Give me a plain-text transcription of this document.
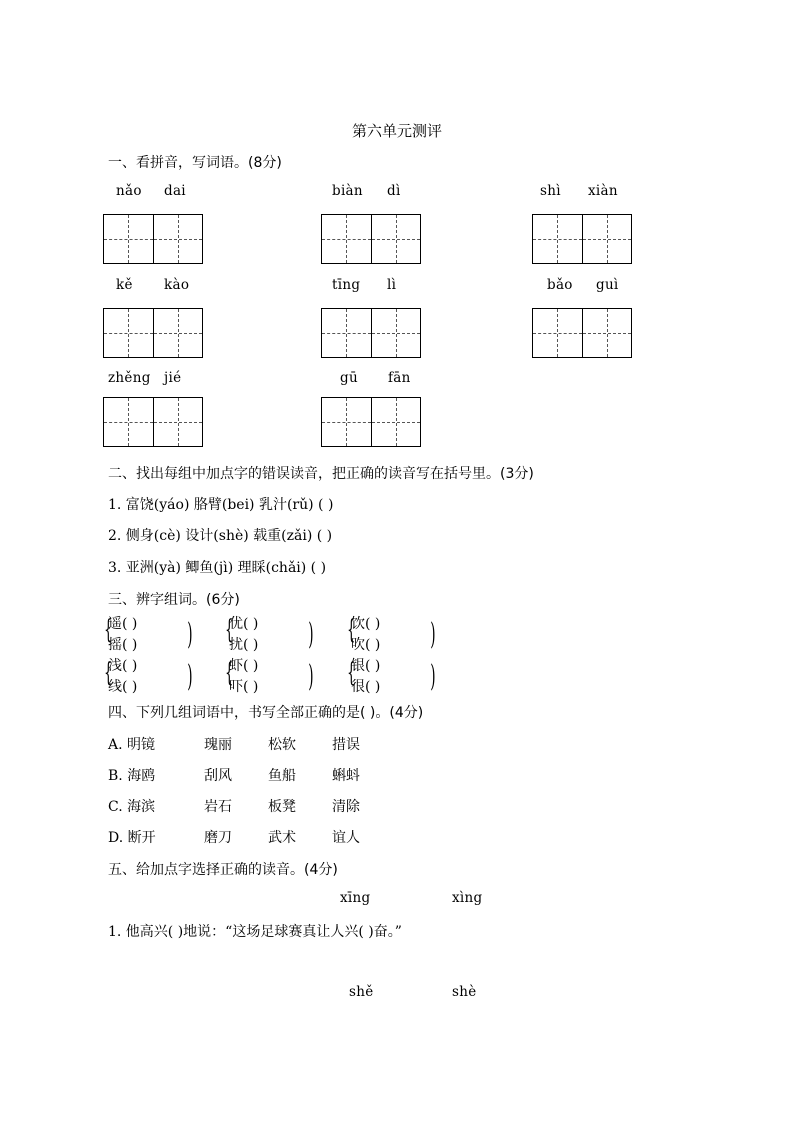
第六单元测评
一、看拼音，写词语。(8分)
nǎo dai	biàn dì	shì xiàn
kě kào	tīng lì	bǎo guì
zhěng jié	gū fān
二、找出每组中加点字的错误读音，把正确的读音写在括号里。(3分)
1. 富饶(yáo) 胳臂(bei) 乳汁(rǔ) ( )
2. 侧身(cè) 设计(shè) 载重(zǎi) ( )
3. 亚洲(yà) 鲫鱼(jì) 理睬(chǎi) ( )
三、辨字组词。(6分)
{
遥( )
摇( ) ) {
优( )
扰( ) ) {
饮( )
吹( ) )
{
浅( )
线( ) ) {
虾( )
吓( ) ) {
银( )
很( ) )
四、下列几组词语中，书写全部正确的是( )。(4分)
A. 明镜	瑰丽	松软	措误
B. 海鸥	刮风	鱼船	蝌蚪
C. 海滨	岩石	板凳	清除
D. 断开	磨刀	武术	谊人
五、给加点字选择正确的读音。(4分)
xīng	xìng
1. 他高兴( )地说：“这场足球赛真让人兴( )奋。”
shě	shè
